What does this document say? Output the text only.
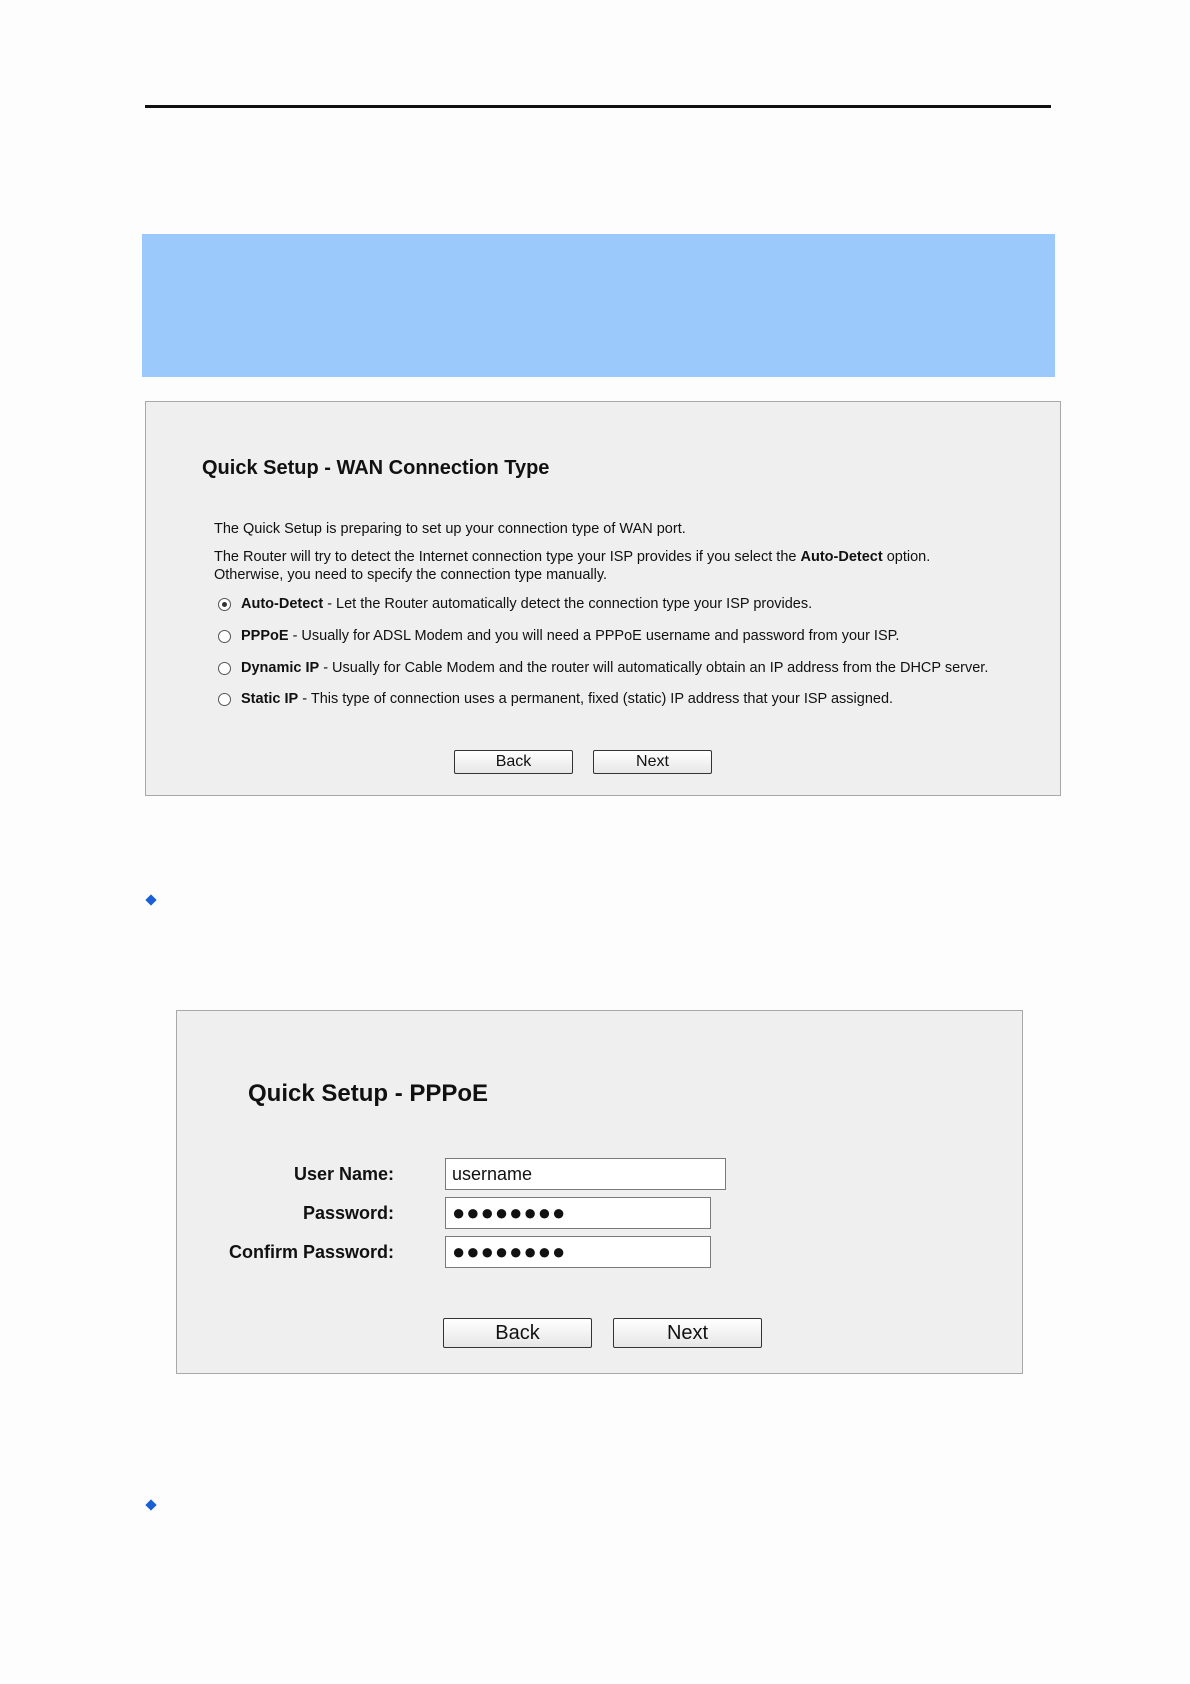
Quick Setup - WAN Connection Type
The Quick Setup is preparing to set up your connection type of WAN port.
The Router will try to detect the Internet connection type your ISP provides if you select the Auto-Detect option.
Otherwise, you need to specify the connection type manually.
Auto-Detect - Let the Router automatically detect the connection type your ISP provides.
PPPoE - Usually for ADSL Modem and you will need a PPPoE username and password from your ISP.
Dynamic IP - Usually for Cable Modem and the router will automatically obtain an IP address from the DHCP server.
Static IP - This type of connection uses a permanent, fixed (static) IP address that your ISP assigned.
Back	Next
Quick Setup - PPPoE
User Name:
username
Password:	●●●●●●●●
Confirm Password:	●●●●●●●●
Back	Next
